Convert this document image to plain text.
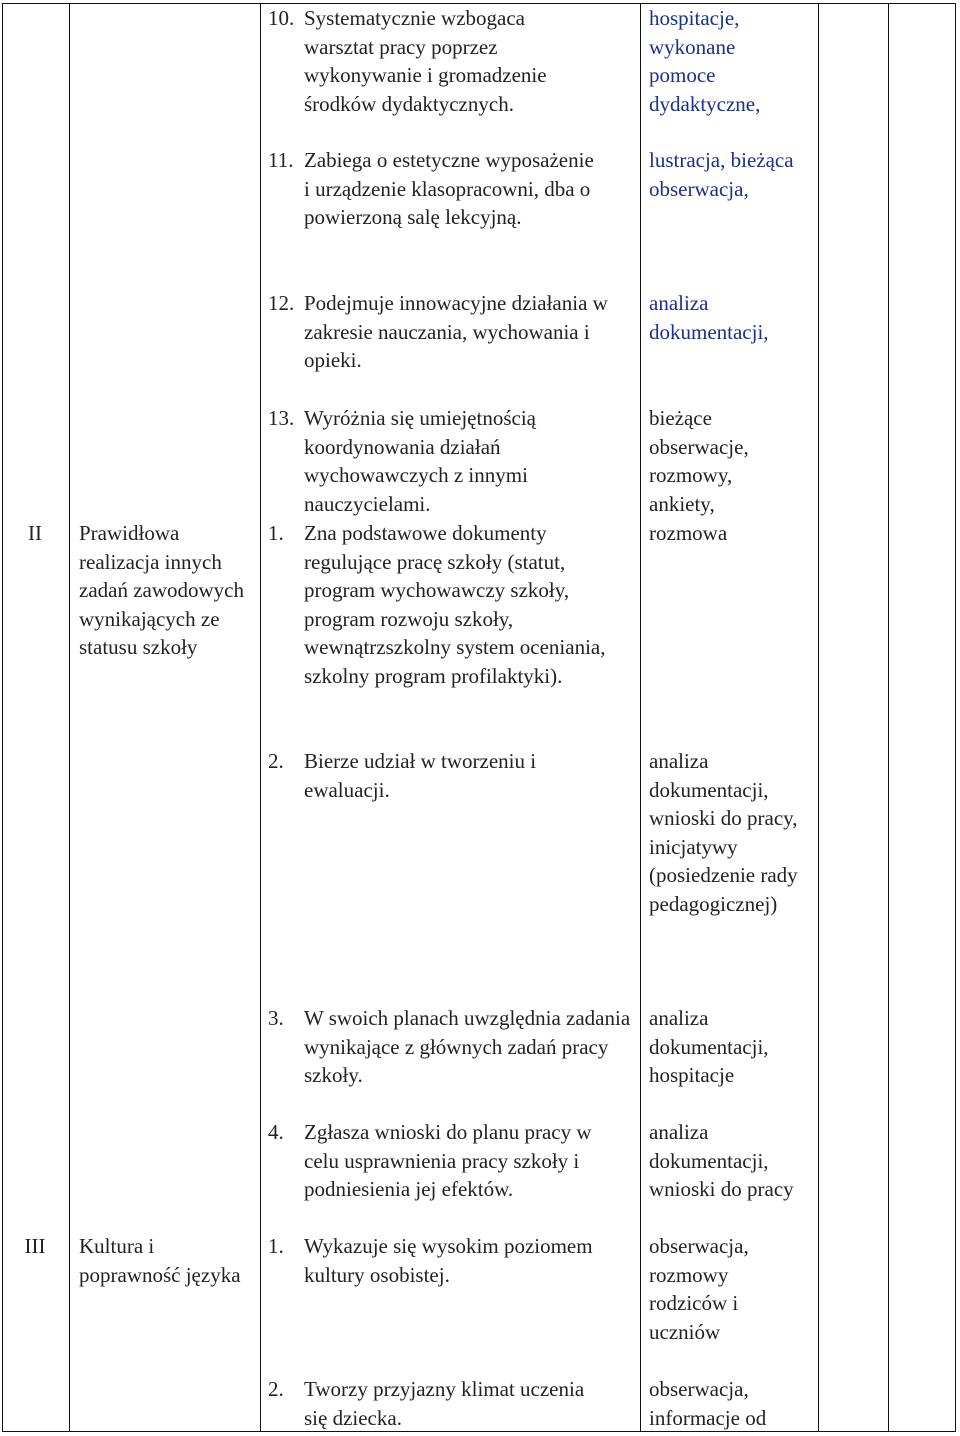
II	Prawidłowa realizacja innych zadań zawodowych wynikających ze statusu szkoły
III	Kultura i poprawność języka
10. Systematycznie wzbogaca warsztat pracy poprzez wykonywanie i gromadzenie środków dydaktycznych.
11. Zabiega o estetyczne wyposażenie i urządzenie klasopracowni, dba o powierzoną salę lekcyjną.
12. Podejmuje innowacyjne działania w zakresie nauczania, wychowania i opieki.
13. Wyróżnia się umiejętnością koordynowania działań wychowawczych z innymi nauczycielami.
1. Zna podstawowe dokumenty regulujące pracę szkoły (statut, program wychowawczy szkoły, program rozwoju szkoły, wewnątrzszkolny system oceniania, szkolny program profilaktyki).
2. Bierze udział w tworzeniu i ewaluacji.
3. W swoich planach uwzględnia zadania wynikające z głównych zadań pracy szkoły.
4. Zgłasza wnioski do planu pracy w celu usprawnienia pracy szkoły i podniesienia jej efektów.
1. Wykazuje się wysokim poziomem kultury osobistej.
2. Tworzy przyjazny klimat uczenia się dziecka.
hospitacje, wykonane pomoce dydaktyczne,
lustracja, bieżąca obserwacja,
analiza dokumentacji,
bieżące obserwacje, rozmowy, ankiety,
rozmowa
analiza dokumentacji, wnioski do pracy, inicjatywy (posiedzenie rady pedagogicznej)
analiza dokumentacji, hospitacje
analiza dokumentacji, wnioski do pracy
obserwacja, rozmowy rodziców i uczniów
obserwacja, informacje od
